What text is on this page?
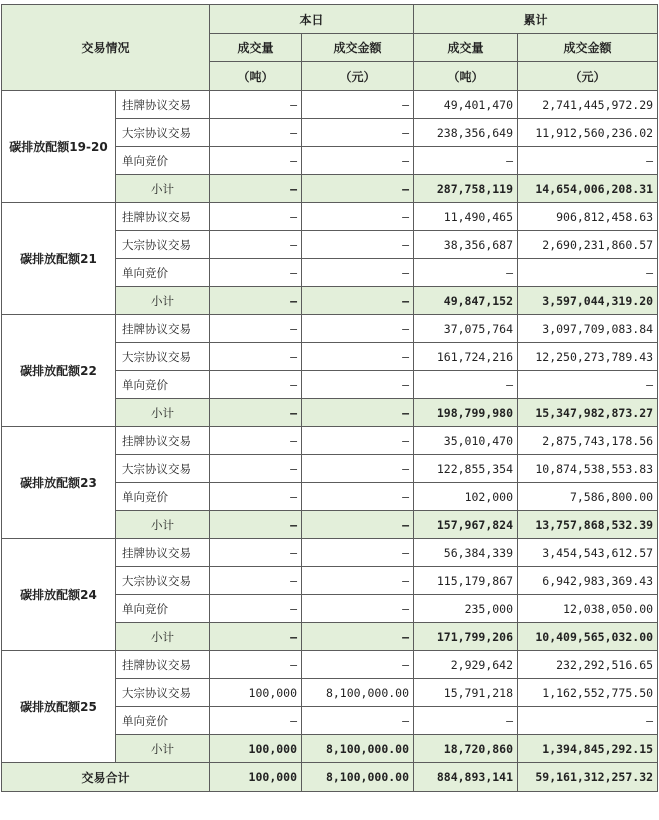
交易情况		本日		累计	
		成交量	成交金额	成交量	成交金额
		（吨）	（元）	（吨）	（元）
碳排放配额19-20	挂牌协议交易	–	–	49,401,470	2,741,445,972.29
	大宗协议交易	–	–	238,356,649	11,912,560,236.02
	单向竞价	–	–	–	–
	小计	–	–	287,758,119	14,654,006,208.31
碳排放配额21	挂牌协议交易	–	–	11,490,465	906,812,458.63
	大宗协议交易	–	–	38,356,687	2,690,231,860.57
	单向竞价	–	–	–	–
	小计	–	–	49,847,152	3,597,044,319.20
碳排放配额22	挂牌协议交易	–	–	37,075,764	3,097,709,083.84
	大宗协议交易	–	–	161,724,216	12,250,273,789.43
	单向竞价	–	–	–	–
	小计	–	–	198,799,980	15,347,982,873.27
碳排放配额23	挂牌协议交易	–	–	35,010,470	2,875,743,178.56
	大宗协议交易	–	–	122,855,354	10,874,538,553.83
	单向竞价	–	–	102,000	7,586,800.00
	小计	–	–	157,967,824	13,757,868,532.39
碳排放配额24	挂牌协议交易	–	–	56,384,339	3,454,543,612.57
	大宗协议交易	–	–	115,179,867	6,942,983,369.43
	单向竞价	–	–	235,000	12,038,050.00
	小计	–	–	171,799,206	10,409,565,032.00
碳排放配额25	挂牌协议交易	–	–	2,929,642	232,292,516.65
	大宗协议交易	100,000	8,100,000.00	15,791,218	1,162,552,775.50
	单向竞价	–	–	–	–
	小计	100,000	8,100,000.00	18,720,860	1,394,845,292.15
交易合计		100,000	8,100,000.00	884,893,141	59,161,312,257.32
